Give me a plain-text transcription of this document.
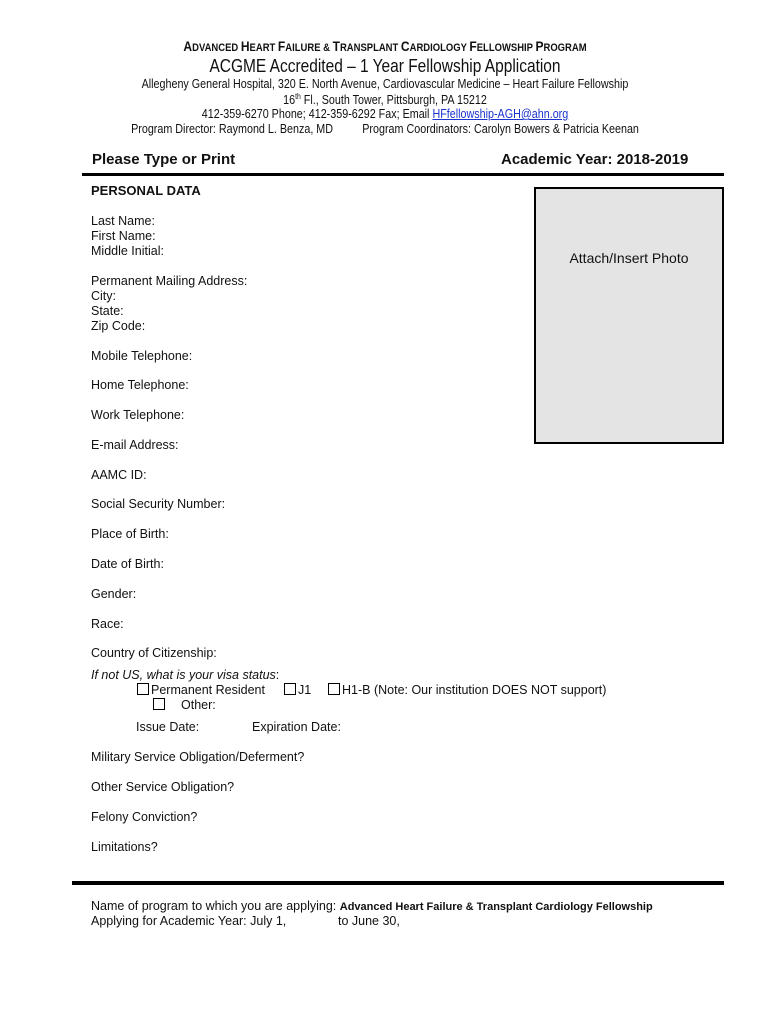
ADVANCED HEART FAILURE & TRANSPLANT CARDIOLOGY FELLOWSHIP PROGRAM
ACGME Accredited – 1 Year Fellowship Application
Allegheny General Hospital, 320 E. North Avenue, Cardiovascular Medicine – Heart Failure Fellowship
16th Fl., South Tower, Pittsburgh, PA 15212
412-359-6270 Phone; 412-359-6292 Fax; Email HFfellowship-AGH@ahn.org
Program Director: Raymond L. Benza, MD Program Coordinators: Carolyn Bowers & Patricia Keenan
Please Type or Print	Academic Year: 2018-2019
Attach/Insert Photo
PERSONAL DATA
Last Name:
First Name:
Middle Initial:
Permanent Mailing Address:
City:
State:
Zip Code:
Mobile Telephone:
Home Telephone:
Work Telephone:
E-mail Address:
AAMC ID:
Social Security Number:
Place of Birth:
Date of Birth:
Gender:
Race:
Country of Citizenship:
If not US, what is your visa status:
Permanent Resident	J1	H1-B (Note: Our institution DOES NOT support)
Other:
Issue Date:	Expiration Date:
Military Service Obligation/Deferment?
Other Service Obligation?
Felony Conviction?
Limitations?
Name of program to which you are applying: Advanced Heart Failure & Transplant Cardiology Fellowship
Applying for Academic Year: July 1,	to June 30,
